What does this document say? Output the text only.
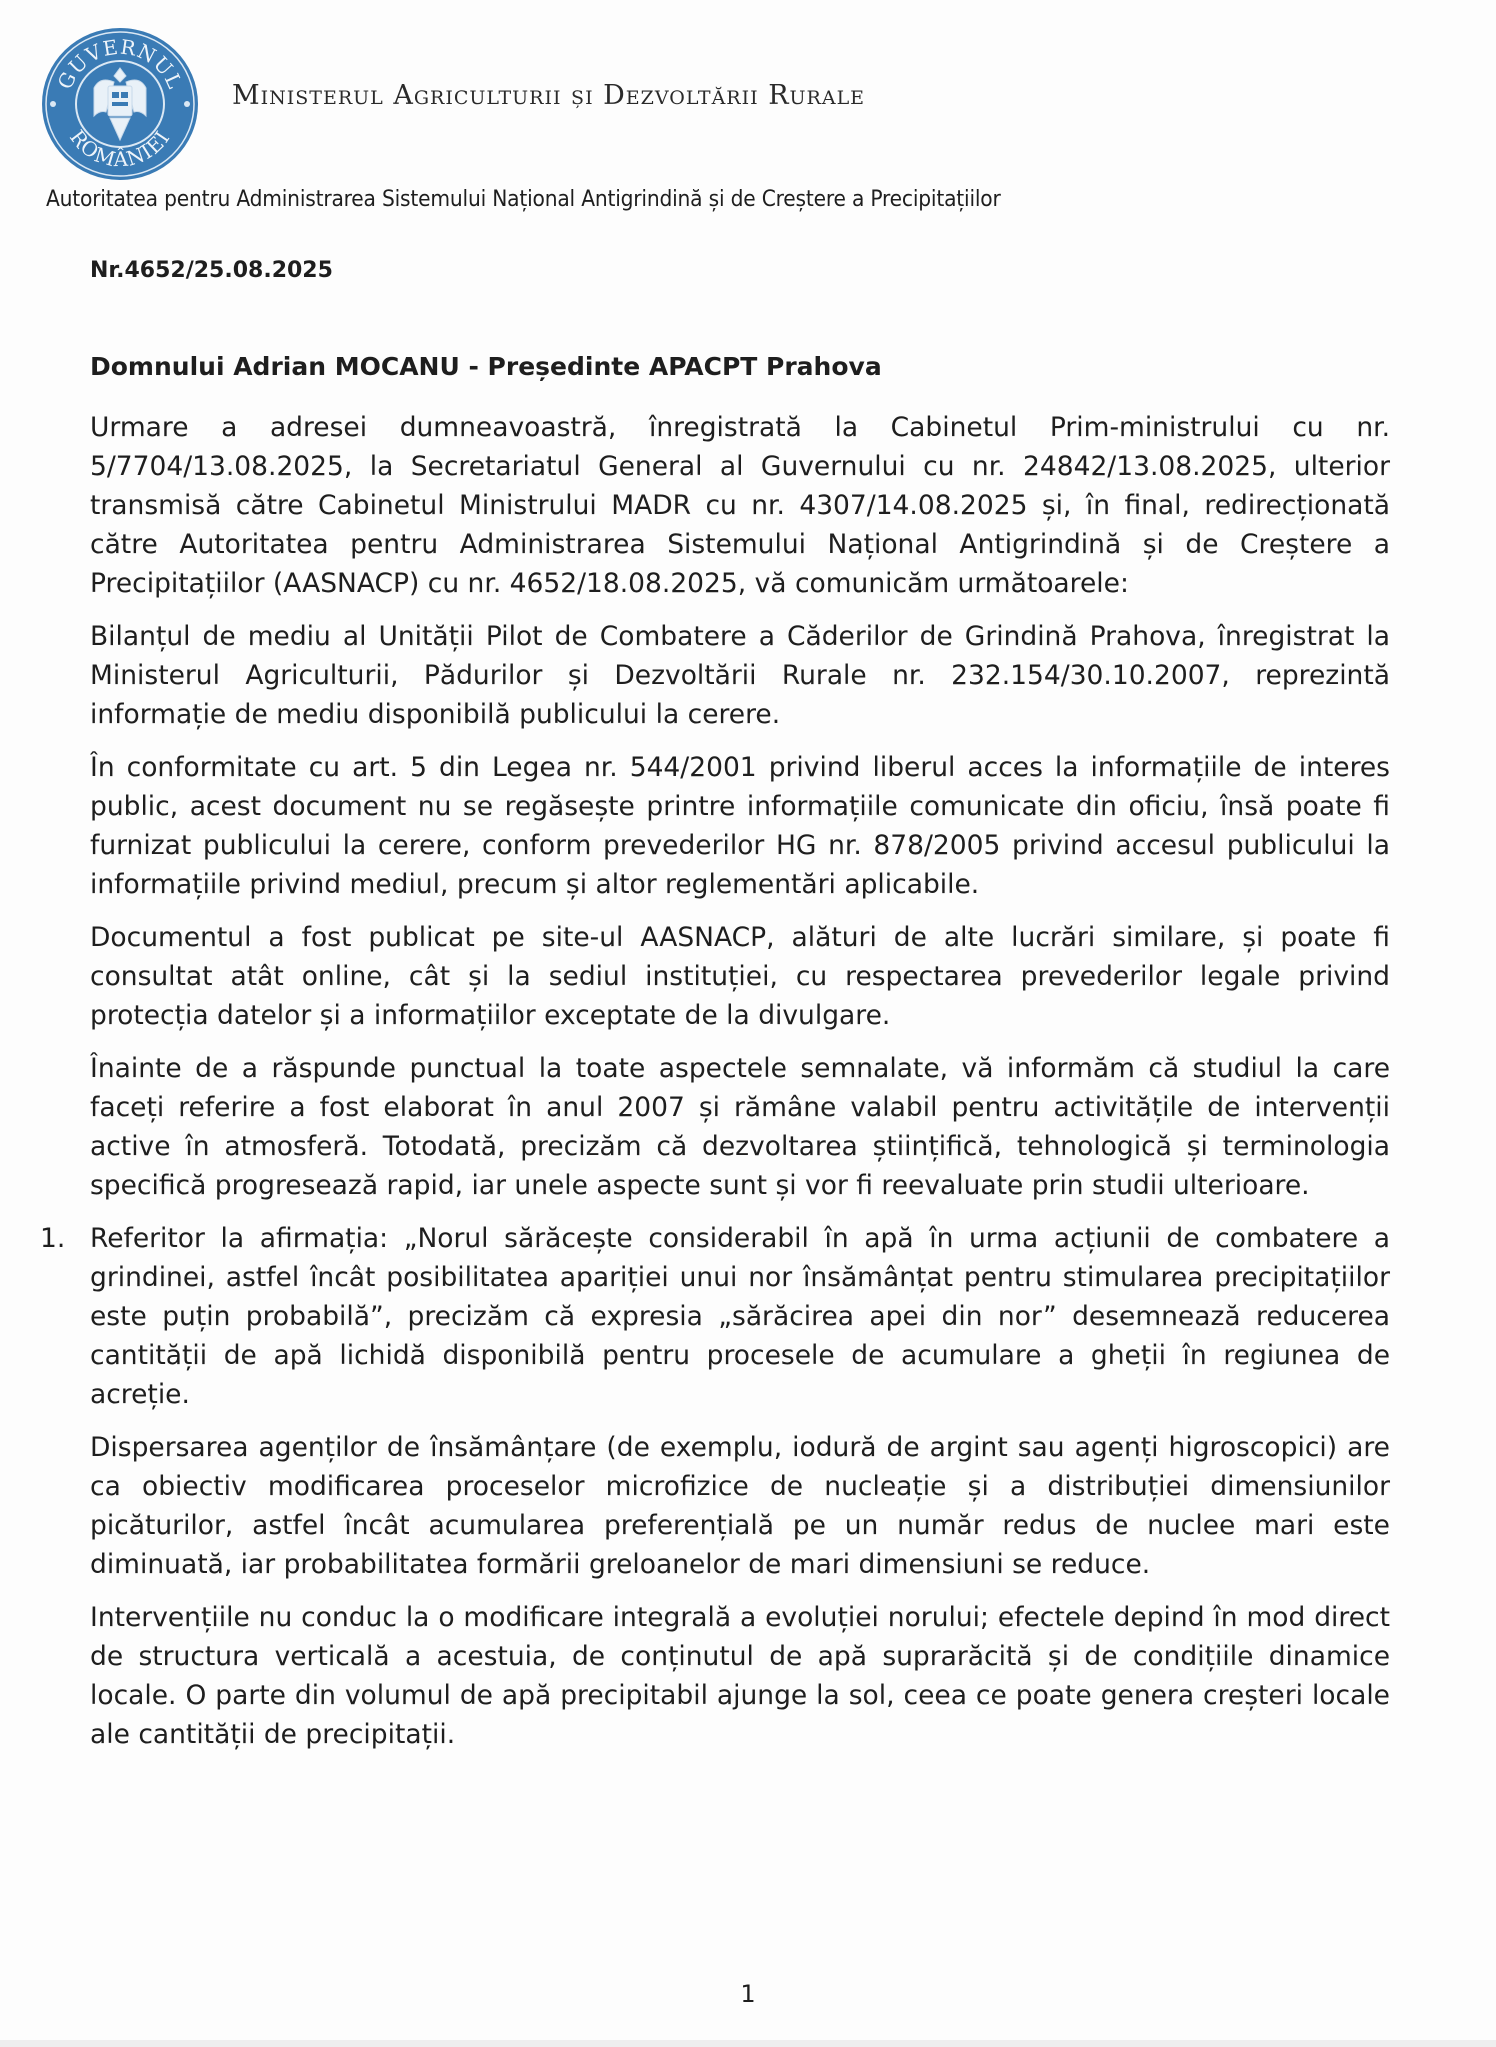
GUVERNUL
ROMÂNIEI
Ministerul Agriculturii și Dezvoltării Rurale
Autoritatea pentru Administrarea Sistemului Național Antigrindină și de Creștere a Precipitațiilor
Nr.4652/25.08.2025
Domnului Adrian MOCANU - Președinte APACPT Prahova

Urmare a adresei dumneavoastră, înregistrată la Cabinetul Prim-ministrului cu nr. 5/7704/13.08.2025, la Secretariatul General al Guvernului cu nr. 24842/13.08.2025, ulterior transmisă către Cabinetul Ministrului MADR cu nr. 4307/14.08.2025 și, în final, redirecționată către Autoritatea pentru Administrarea Sistemului Național Antigrindină și de Creștere a Precipitațiilor (AASNACP) cu nr. 4652/18.08.2025, vă comunicăm următoarele:

Bilanțul de mediu al Unității Pilot de Combatere a Căderilor de Grindină Prahova, înregistrat la Ministerul Agriculturii, Pădurilor și Dezvoltării Rurale nr. 232.154/30.10.2007, reprezintă informație de mediu disponibilă publicului la cerere.

În conformitate cu art. 5 din Legea nr. 544/2001 privind liberul acces la informațiile de interes public, acest document nu se regăsește printre informațiile comunicate din oficiu, însă poate fi furnizat publicului la cerere, conform prevederilor HG nr. 878/2005 privind accesul publicului la informațiile privind mediul, precum și altor reglementări aplicabile.

Documentul a fost publicat pe site-ul AASNACP, alături de alte lucrări similare, și poate fi consultat atât online, cât și la sediul instituției, cu respectarea prevederilor legale privind protecția datelor și a informațiilor exceptate de la divulgare.

Înainte de a răspunde punctual la toate aspectele semnalate, vă informăm că studiul la care faceți referire a fost elaborat în anul 2007 și rămâne valabil pentru activitățile de intervenții active în atmosferă. Totodată, precizăm că dezvoltarea științifică, tehnologică și terminologia specifică progresează rapid, iar unele aspecte sunt și vor fi reevaluate prin studii ulterioare.

1. Referitor la afirmația: „Norul sărăcește considerabil în apă în urma acțiunii de combatere a grindinei, astfel încât posibilitatea apariției unui nor însămânțat pentru stimularea precipitațiilor este puțin probabilă”, precizăm că expresia „sărăcirea apei din nor” desemnează reducerea cantității de apă lichidă disponibilă pentru procesele de acumulare a gheții în regiunea de acreție.

Dispersarea agenților de însămânțare (de exemplu, iodură de argint sau agenți higroscopici) are ca obiectiv modificarea proceselor microfizice de nucleație și a distribuției dimensiunilor picăturilor, astfel încât acumularea preferențială pe un număr redus de nuclee mari este diminuată, iar probabilitatea formării greloanelor de mari dimensiuni se reduce.

Intervențiile nu conduc la o modificare integrală a evoluției norului; efectele depind în mod direct de structura verticală a acestuia, de conținutul de apă suprarăcită și de condițiile dinamice locale. O parte din volumul de apă precipitabil ajunge la sol, ceea ce poate genera creșteri locale ale cantității de precipitații.

1
